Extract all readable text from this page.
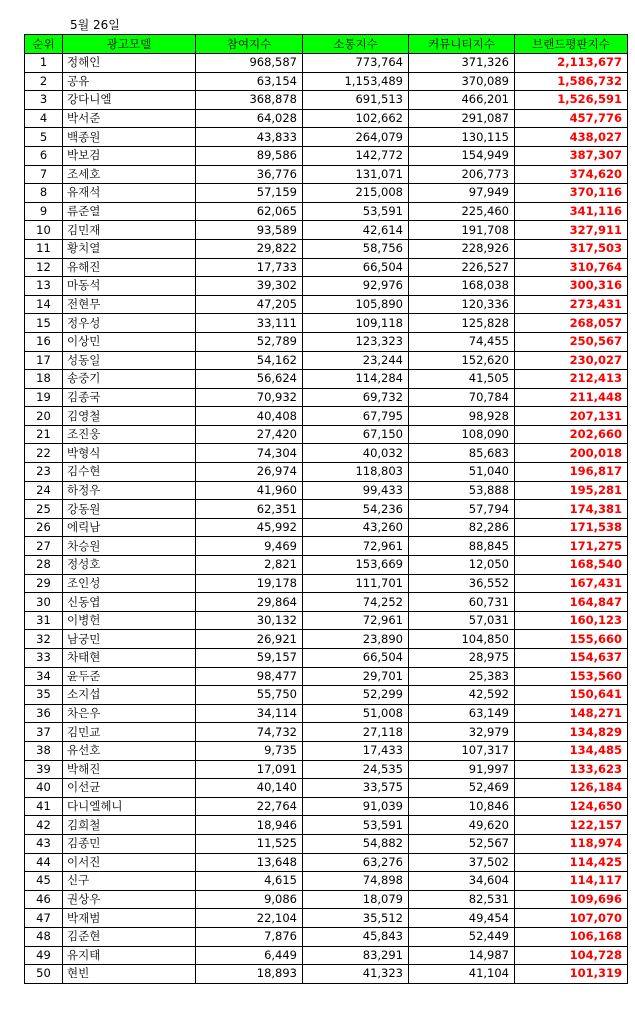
5월 26일
순위	광고모델	참여지수	소통지수	커뮤니티지수	브랜드평판지수
1	정해인	968,587	773,764	371,326	2,113,677
2	공유	63,154	1,153,489	370,089	1,586,732
3	강다니엘	368,878	691,513	466,201	1,526,591
4	박서준	64,028	102,662	291,087	457,776
5	백종원	43,833	264,079	130,115	438,027
6	박보검	89,586	142,772	154,949	387,307
7	조세호	36,776	131,071	206,773	374,620
8	유재석	57,159	215,008	97,949	370,116
9	류준열	62,065	53,591	225,460	341,116
10	김민재	93,589	42,614	191,708	327,911
11	황치열	29,822	58,756	228,926	317,503
12	유해진	17,733	66,504	226,527	310,764
13	마동석	39,302	92,976	168,038	300,316
14	전현무	47,205	105,890	120,336	273,431
15	정우성	33,111	109,118	125,828	268,057
16	이상민	52,789	123,323	74,455	250,567
17	성동일	54,162	23,244	152,620	230,027
18	송중기	56,624	114,284	41,505	212,413
19	김종국	70,932	69,732	70,784	211,448
20	김영철	40,408	67,795	98,928	207,131
21	조진웅	27,420	67,150	108,090	202,660
22	박형식	74,304	40,032	85,683	200,018
23	김수현	26,974	118,803	51,040	196,817
24	하정우	41,960	99,433	53,888	195,281
25	강동원	62,351	54,236	57,794	174,381
26	에릭남	45,992	43,260	82,286	171,538
27	차승원	9,469	72,961	88,845	171,275
28	정성호	2,821	153,669	12,050	168,540
29	조인성	19,178	111,701	36,552	167,431
30	신동엽	29,864	74,252	60,731	164,847
31	이병헌	30,132	72,961	57,031	160,123
32	남궁민	26,921	23,890	104,850	155,660
33	차태현	59,157	66,504	28,975	154,637
34	윤두준	98,477	29,701	25,383	153,560
35	소지섭	55,750	52,299	42,592	150,641
36	차은우	34,114	51,008	63,149	148,271
37	김민교	74,732	27,118	32,979	134,829
38	유선호	9,735	17,433	107,317	134,485
39	박해진	17,091	24,535	91,997	133,623
40	이선균	40,140	33,575	52,469	126,184
41	다니엘헤니	22,764	91,039	10,846	124,650
42	김희철	18,946	53,591	49,620	122,157
43	김종민	11,525	54,882	52,567	118,974
44	이서진	13,648	63,276	37,502	114,425
45	신구	4,615	74,898	34,604	114,117
46	권상우	9,086	18,079	82,531	109,696
47	박재범	22,104	35,512	49,454	107,070
48	김준현	7,876	45,843	52,449	106,168
49	유지태	6,449	83,291	14,987	104,728
50	현빈	18,893	41,323	41,104	101,319
